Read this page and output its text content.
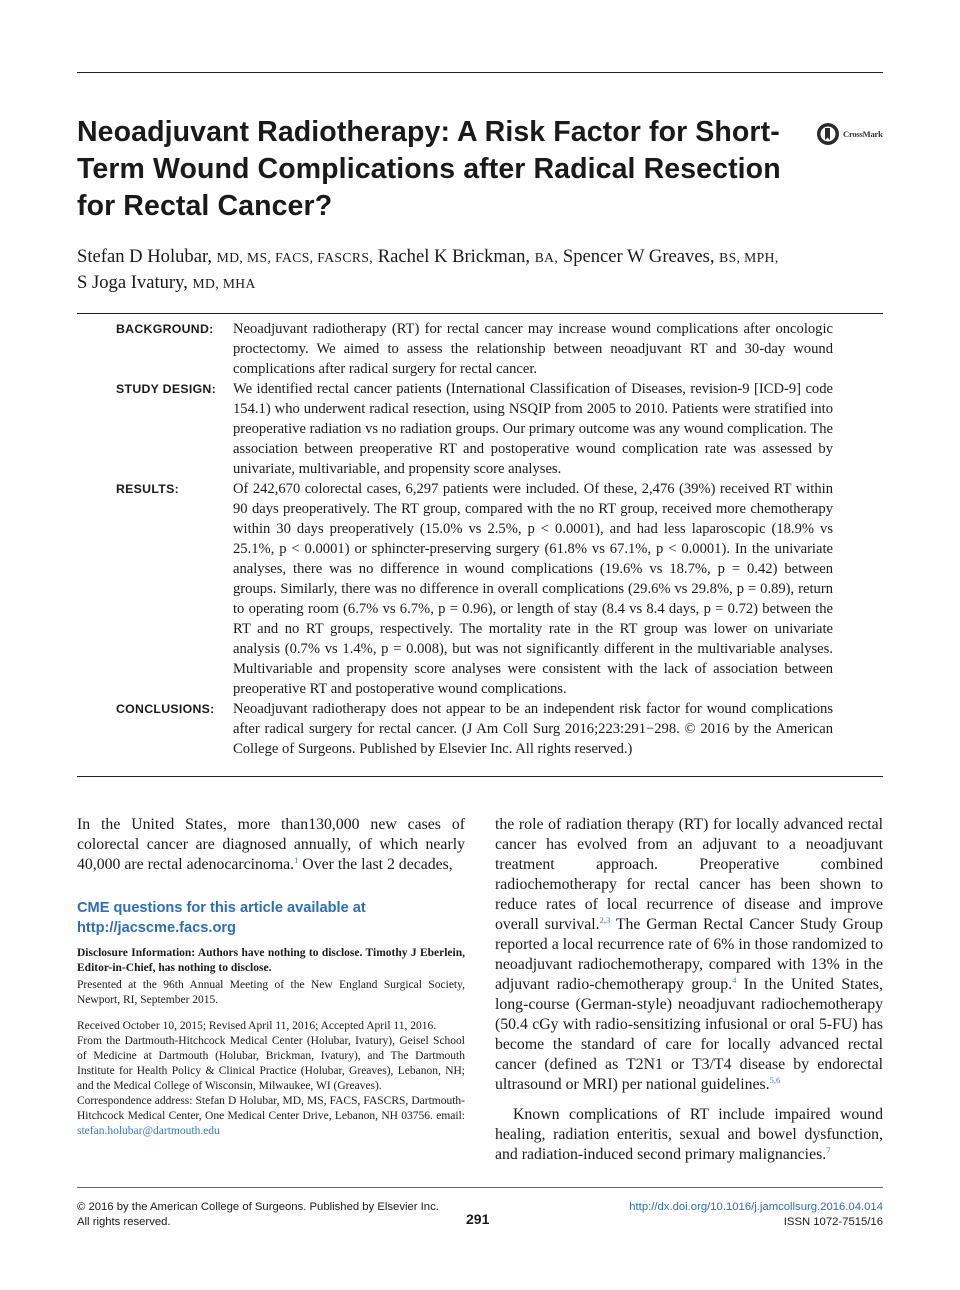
Neoadjuvant Radiotherapy: A Risk Factor for Short-Term Wound Complications after Radical Resection for Rectal Cancer?
CrossMark

Stefan D Holubar, MD, MS, FACS, FASCRS, Rachel K Brickman, BA, Spencer W Greaves, BS, MPH,
S Joga Ivatury, MD, MHA

BACKGROUND: Neoadjuvant radiotherapy (RT) for rectal cancer may increase wound complications after oncologic proctectomy. We aimed to assess the relationship between neoadjuvant RT and 30-day wound complications after radical surgery for rectal cancer.

STUDY DESIGN: We identified rectal cancer patients (International Classification of Diseases, revision-9 [ICD-9] code 154.1) who underwent radical resection, using NSQIP from 2005 to 2010. Patients were stratified into preoperative radiation vs no radiation groups. Our primary outcome was any wound complication. The association between preoperative RT and postoperative wound complication rate was assessed by univariate, multivariable, and propensity score analyses.

RESULTS:	Of 242,670 colorectal cases, 6,297 patients were included. Of these, 2,476 (39%) received RT within 90 days preoperatively. The RT group, compared with the no RT group, received more chemotherapy within 30 days preoperatively (15.0% vs 2.5%, p < 0.0001), and had less laparoscopic (18.9% vs 25.1%, p < 0.0001) or sphincter-preserving surgery (61.8% vs 67.1%, p < 0.0001). In the univariate analyses, there was no difference in wound complications (19.6% vs 18.7%, p = 0.42) between groups. Similarly, there was no difference in overall complications (29.6% vs 29.8%, p = 0.89), return to operating room (6.7% vs 6.7%, p = 0.96), or length of stay (8.4 vs 8.4 days, p = 0.72) between the RT and no RT groups, respectively. The mortality rate in the RT group was lower on univariate analysis (0.7% vs 1.4%, p = 0.008), but was not significantly different in the multivariable analyses. Multivariable and propensity score analyses were consistent with the lack of association between preoperative RT and postoperative wound complications.

CONCLUSIONS: Neoadjuvant radiotherapy does not appear to be an independent risk factor for wound complications after radical surgery for rectal cancer. (J Am Coll Surg 2016;223:291−298. © 2016 by the American College of Surgeons. Published by Elsevier Inc. All rights reserved.)

In the United States, more than130,000 new cases of colorectal cancer are diagnosed annually, of which nearly 40,000 are rectal adenocarcinoma.$^1$ Over the last 2 decades,

CME questions for this article available at
http://jacscme.facs.org

Disclosure Information: Authors have nothing to disclose. Timothy J Eberlein, Editor-in-Chief, has nothing to disclose.

Presented at the 96th Annual Meeting of the New England Surgical Society, Newport, RI, September 2015.

Received October 10, 2015; Revised April 11, 2016; Accepted April 11, 2016.

From the Dartmouth-Hitchcock Medical Center (Holubar, Ivatury), Geisel School of Medicine at Dartmouth (Holubar, Brickman, Ivatury), and The Dartmouth Institute for Health Policy & Clinical Practice (Holubar, Greaves), Lebanon, NH; and the Medical College of Wisconsin, Milwaukee, WI (Greaves).

Correspondence address: Stefan D Holubar, MD, MS, FACS, FASCRS, Dartmouth-Hitchcock Medical Center, One Medical Center Drive, Lebanon, NH 03756. email: stefan.holubar@dartmouth.edu

the role of radiation therapy (RT) for locally advanced rectal cancer has evolved from an adjuvant to a neoadjuvant treatment approach. Preoperative combined radiochemotherapy for rectal cancer has been shown to reduce rates of local recurrence of disease and improve overall survival.$^{2,3}$ The German Rectal Cancer Study Group reported a local recurrence rate of 6% in those randomized to neoadjuvant radiochemotherapy, compared with 13% in the adjuvant radio-chemotherapy group.$^4$ In the United States, long-course (German-style) neoadjuvant radiochemotherapy (50.4 cGy with radio-sensitizing infusional or oral 5-FU) has become the standard of care for locally advanced rectal cancer (defined as T2N1 or T3/T4 disease by endorectal ultrasound or MRI) per national guidelines.$^{5,6}$

Known complications of RT include impaired wound healing, radiation enteritis, sexual and bowel dysfunction, and radiation-induced second primary malignancies.$^7$

© 2016 by the American College of Surgeons. Published by Elsevier Inc.
All rights reserved.	291
http://dx.doi.org/10.1016/j.jamcollsurg.2016.04.014
ISSN 1072-7515/16
